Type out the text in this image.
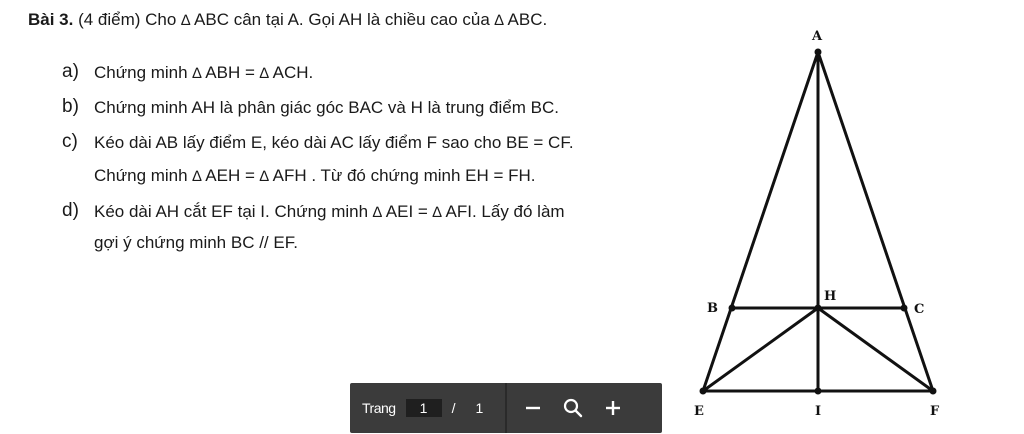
Bài 3. (4 điểm) Cho ∆ ABC cân tại A. Gọi AH là chiều cao của ∆ ABC.
a) Chứng minh ∆ ABH = ∆ ACH.
b) Chứng minh AH là phân giác góc BAC và H là trung điểm BC.
c) Kéo dài AB lấy điểm E, kéo dài AC lấy điểm F sao cho BE = CF.
Chứng minh ∆ AEH = ∆ AFH . Từ đó chứng minh EH = FH.
d) Kéo dài AH cắt EF tại I. Chứng minh ∆ AEI = ∆ AFI. Lấy đó làm
gợi ý chứng minh BC // EF.
A
B
H
C
E	I	F
Trang	1	/ 1
